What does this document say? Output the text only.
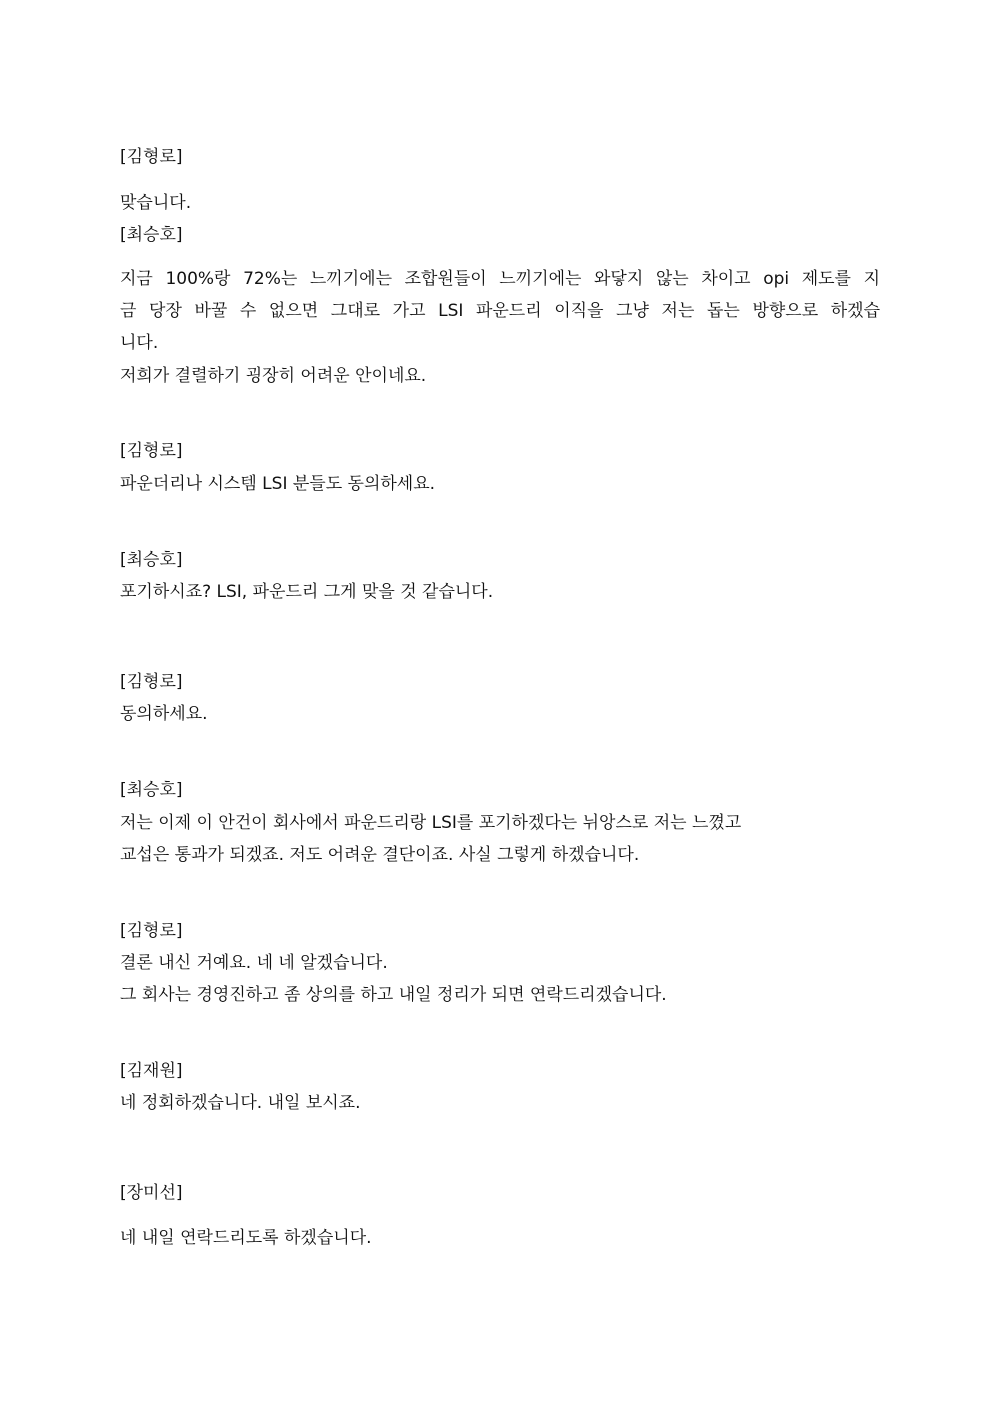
[김형로]
맞습니다.
[최승호]
지금 100%랑 72%는 느끼기에는 조합원들이 느끼기에는 와닿지 않는 차이고 opi 제도를 지
금 당장 바꿀 수 없으면 그대로 가고 LSI 파운드리 이직을 그냥 저는 돕는 방향으로 하겠습
니다.
저희가 결렬하기 굉장히 어려운 안이네요.
[김형로]
파운더리나 시스템 LSI 분들도 동의하세요.
[최승호]
포기하시죠? LSI, 파운드리 그게 맞을 것 같습니다.
[김형로]
동의하세요.
[최승호]
저는 이제 이 안건이 회사에서 파운드리랑 LSI를 포기하겠다는 뉘앙스로 저는 느꼈고
교섭은 통과가 되겠죠. 저도 어려운 결단이죠. 사실 그렇게 하겠습니다.
[김형로]
결론 내신 거예요. 네 네 알겠습니다.
그 회사는 경영진하고 좀 상의를 하고 내일 정리가 되면 연락드리겠습니다.
[김재원]
네 정회하겠습니다. 내일 보시죠.
[장미선]
네 내일 연락드리도록 하겠습니다.
